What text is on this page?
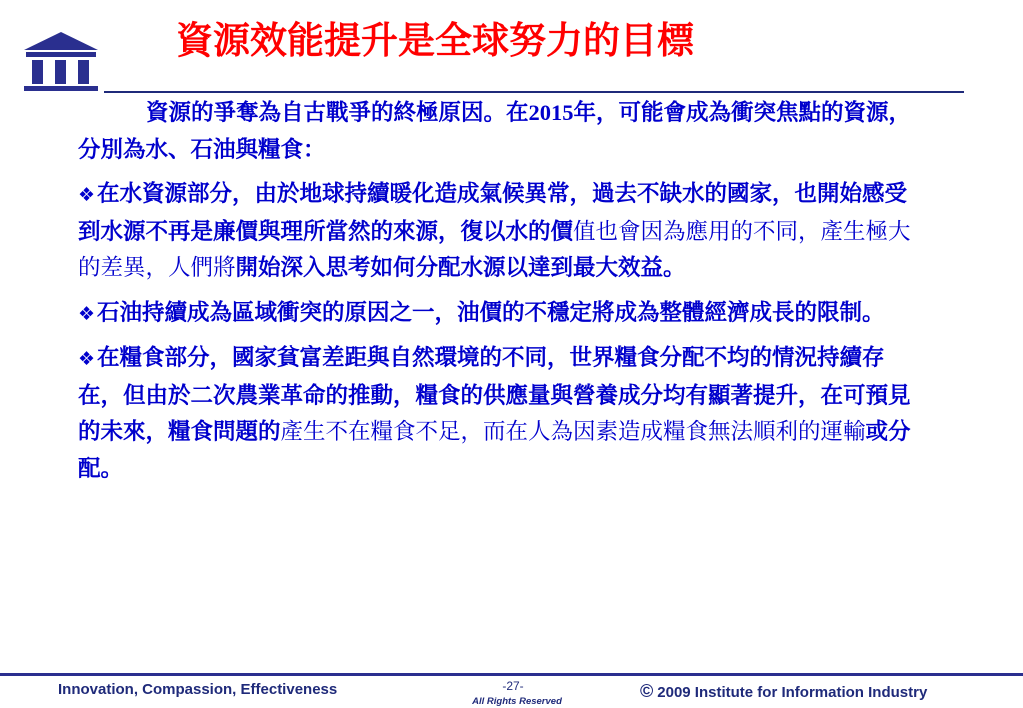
資源效能提升是全球努力的目標

資源的爭奪為自古戰爭的終極原因。在2015年，可能會成為衝突焦點的資源，分別為水、石油與糧食：

❖在水資源部分，由於地球持續暖化造成氣候異常，過去不缺水的國家，也開始感受到水源不再是廉價與理所當然的來源，復以水的價值也會因為應用的不同，產生極大的差異，人們將開始深入思考如何分配水源以達到最大效益。

❖石油持續成為區域衝突的原因之一，油價的不穩定將成為整體經濟成長的限制。

❖在糧食部分，國家貧富差距與自然環境的不同，世界糧食分配不均的情況持續存在，但由於二次農業革命的推動，糧食的供應量與營養成分均有顯著提升，在可預見的未來，糧食問題的產生不在糧食不足，而在人為因素造成糧食無法順利的運輸或分配。

Innovation, Compassion, Effectiveness	-27-
All Rights Reserved
© 2009 Institute for Information Industry
